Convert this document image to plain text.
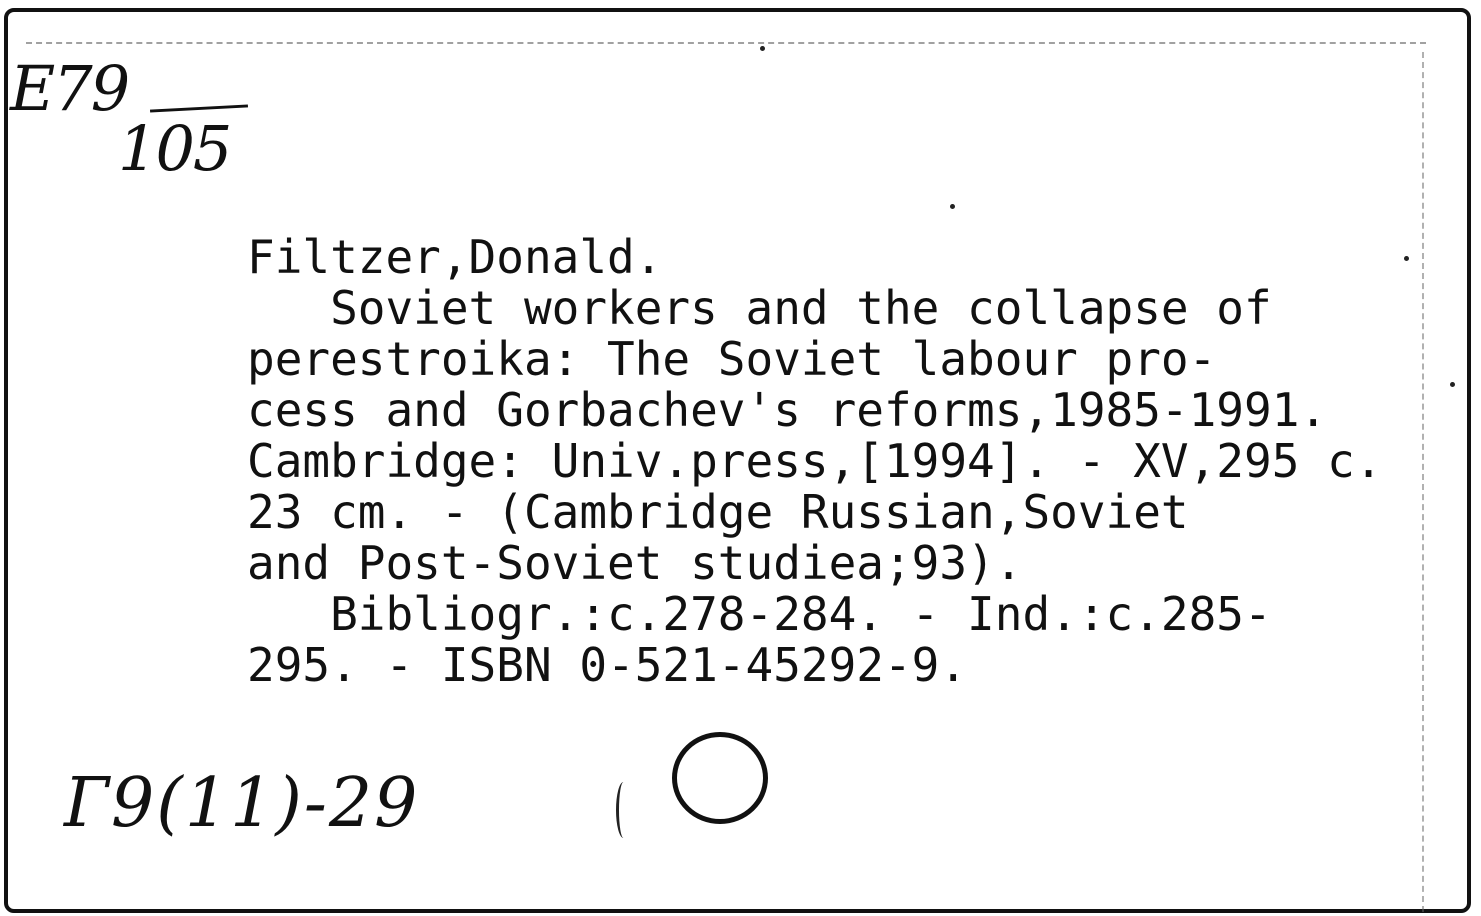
E79
105
Filtzer,Donald.
Soviet workers and the collapse of
perestroika: The Soviet labour pro-
cess and Gorbachev's reforms,1985-1991.
Cambridge: Univ.press,[1994]. - XV,295 c.
23 cm. - (Cambridge Russian,Soviet
and Post-Soviet studiea;93).
Bibliogr.:c.278-284. - Ind.:c.285-
295. - ISBN 0-521-45292-9.
Г9(11)-29
